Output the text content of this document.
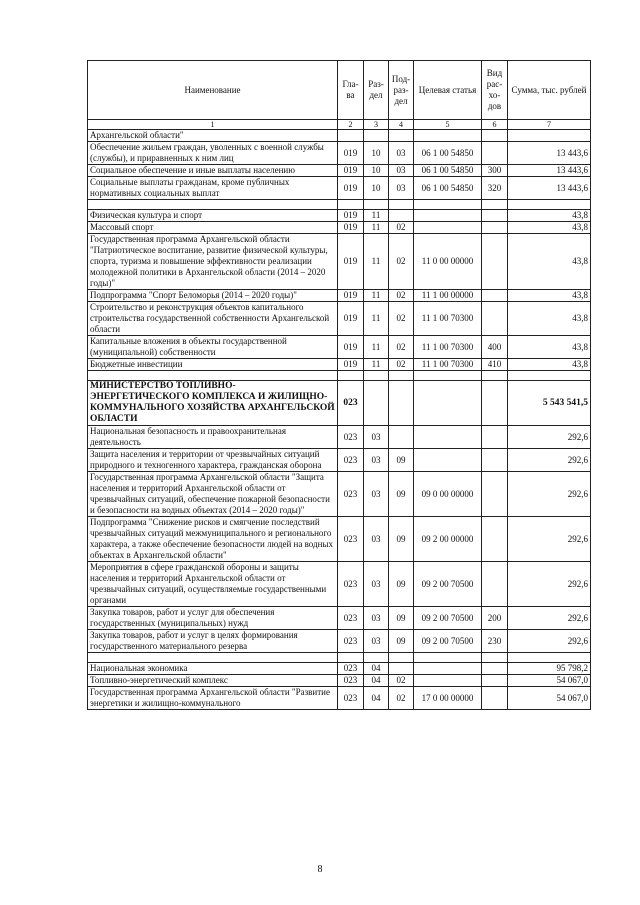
Наименование	Гла-ва	Раз-дел	Под-раз-дел	Целевая статья	Вид рас-хо-дов	Сумма, тыс. рублей
1	2	3	4	5	6	7
Архангельской области"						
Обеспечение жильем граждан, уволенных с военной службы (службы), и приравненных к ним лиц	019	10	03	06 1 00 54850		13 443,6
Социальное обеспечение и иные выплаты населению	019	10	03	06 1 00 54850	300	13 443,6
Социальные выплаты гражданам, кроме публичных нормативных социальных выплат	019	10	03	06 1 00 54850	320	13 443,6

Физическая культура и спорт	019	11				43,8
Массовый спорт	019	11	02			43,8
Государственная программа Архангельской области "Патриотическое воспитание, развитие физической культуры, спорта, туризма и повышение эффективности реализации молодежной политики в Архангельской области (2014 – 2020 годы)"	019	11	02	11 0 00 00000		43,8
Подпрограмма "Спорт Беломорья (2014 – 2020 годы)"	019	11	02	11 1 00 00000		43,8
Строительство и реконструкция объектов капитального строительства государственной собственности Архангельской области	019	11	02	11 1 00 70300		43,8
Капитальные вложения в объекты государственной (муниципальной) собственности	019	11	02	11 1 00 70300	400	43,8
Бюджетные инвестиции	019	11	02	11 1 00 70300	410	43,8

МИНИСТЕРСТВО ТОПЛИВНО-ЭНЕРГЕТИЧЕСКОГО КОМПЛЕКСА И ЖИЛИЩНО-КОММУНАЛЬНОГО ХОЗЯЙСТВА АРХАНГЕЛЬСКОЙ ОБЛАСТИ	023					5 543 541,5
Национальная безопасность и правоохранительная деятельность	023	03				292,6
Защита населения и территории от чрезвычайных ситуаций природного и техногенного характера, гражданская оборона	023	03	09			292,6
Государственная программа Архангельской области "Защита населения и территорий Архангельской области от чрезвычайных ситуаций, обеспечение пожарной безопасности и безопасности на водных объектах (2014 – 2020 годы)"	023	03	09	09 0 00 00000		292,6
Подпрограмма "Снижение рисков и смягчение последствий чрезвычайных ситуаций межмуниципального и регионального характера, а также обеспечение безопасности людей на водных объектах в Архангельской области"	023	03	09	09 2 00 00000		292,6
Мероприятия в сфере гражданской обороны и защиты населения и территорий Архангельской области от чрезвычайных ситуаций, осуществляемые государственными органами	023	03	09	09 2 00 70500		292,6
Закупка товаров, работ и услуг для обеспечения государственных (муниципальных) нужд	023	03	09	09 2 00 70500	200	292,6
Закупка товаров, работ и услуг в целях формирования государственного материального резерва	023	03	09	09 2 00 70500	230	292,6

Национальная экономика	023	04				95 798,2
Топливно-энергетический комплекс	023	04	02			54 067,0
Государственная программа Архангельской области "Развитие энергетики и жилищно-коммунального	023	04	02	17 0 00 00000		54 067,0
8
